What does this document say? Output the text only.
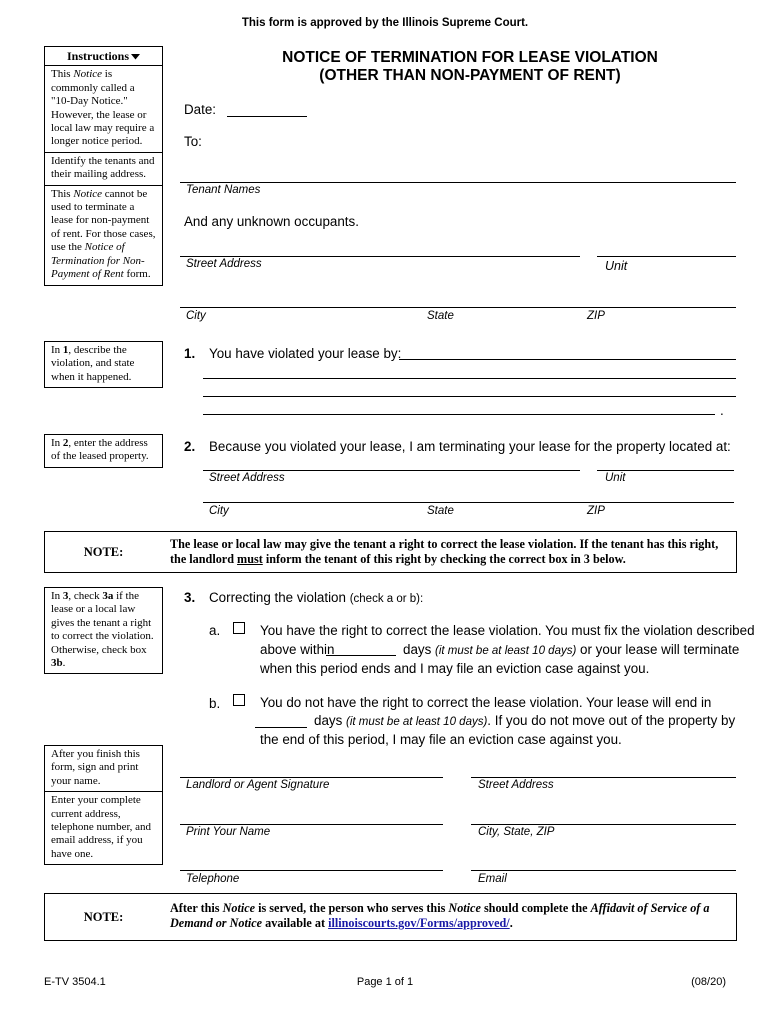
This form is approved by the Illinois Supreme Court.
NOTICE OF TERMINATION FOR LEASE VIOLATION
(OTHER THAN NON-PAYMENT OF RENT)
Instructions
This Notice is commonly called a "10-Day Notice." However, the lease or local law may require a longer notice period.
Identify the tenants and their mailing address.
This Notice cannot be used to terminate a lease for non-payment of rent. For those cases, use the Notice of Termination for Non-Payment of Rent form.
In 1, describe the violation, and state when it happened.
In 2, enter the address of the leased property.
In 3, check 3a if the lease or a local law gives the tenant a right to correct the violation. Otherwise, check box 3b.
After you finish this form, sign and print your name.
Enter your complete current address, telephone number, and email address, if you have one.
Date:
To:
Tenant Names
And any unknown occupants.
Street Address	Unit
City	State	ZIP
1. You have violated your lease by:
.
2. Because you violated your lease, I am terminating your lease for the property located at:
Street Address	Unit
City	State	ZIP
NOTE:
The lease or local law may give the tenant a right to correct the lease violation. If the tenant has this right, the landlord must inform the tenant of this right by checking the correct box in 3 below.
3. Correcting the violation (check a or b):
a.	You have the right to correct the lease violation. You must fix the violation described
above within	days (it must be at least 10 days) or your lease will terminate
when this period ends and I may file an eviction case against you.
b.	You do not have the right to correct the lease violation. Your lease will end in
days (it must be at least 10 days). If you do not move out of the property by
the end of this period, I may file an eviction case against you.
Landlord or Agent Signature	Street Address
Print Your Name	City, State, ZIP
Telephone	Email
NOTE:
After this Notice is served, the person who serves this Notice should complete the Affidavit of Service of a Demand or Notice available at illinoiscourts.gov/Forms/approved/.
E-TV 3504.1	Page 1 of 1	(08/20)
